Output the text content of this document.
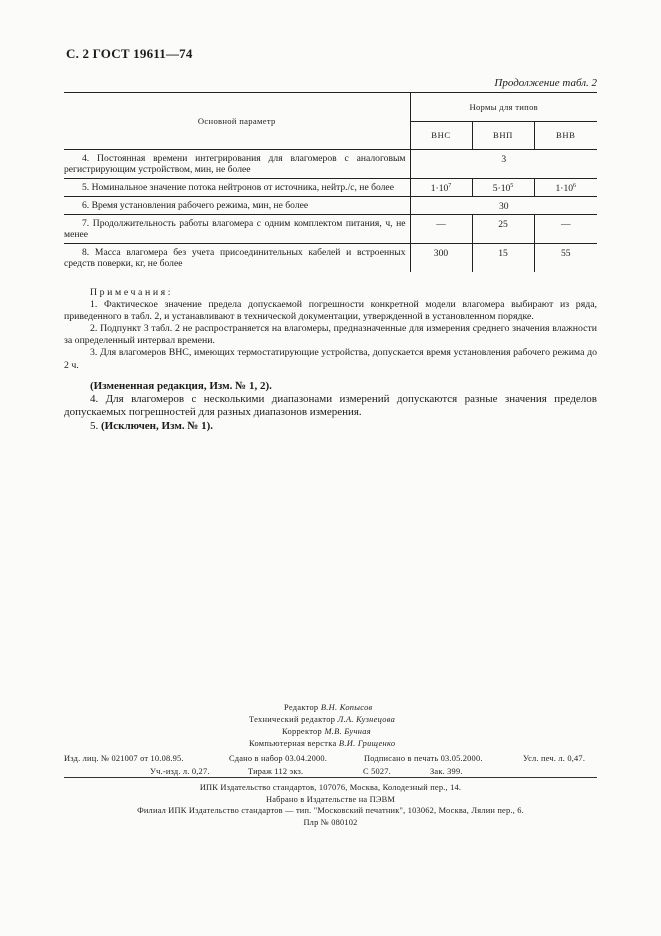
С. 2 ГОСТ 19611—74
Продолжение табл. 2
Основной параметр	Нормы для типов		
	ВНС	ВНП	ВНВ
4. Постоянная времени интегрирования для влагомеров с аналоговым регистрирующим устройством, мин, не более	3		
5. Номинальное значение потока нейтронов от источника, нейтр./с, не более	$1\cdot 10^7$	$5\cdot 10^5$	$1\cdot 10^6$
6. Время установления рабочего режима, мин, не более	30		
7. Продолжительность работы влагомера с одним комплектом питания, ч, не менее	—	25	—
8. Масса влагомера без учета присоединительных кабелей и встроенных средств поверки, кг, не более	300	15	55

Примечания:

1. Фактическое значение предела допускаемой погрешности конкретной модели влагомера выбирают из ряда, приведенного в табл. 2, и устанавливают в технической документации, утвержденной в установленном порядке.

2. Подпункт 3 табл. 2 не распространяется на влагомеры, предназначенные для измерения среднего значения влажности за определенный интервал времени.

3. Для влагомеров ВНС, имеющих термостатирующие устройства, допускается время установления рабочего режима до 2 ч.

(Измененная редакция, Изм. № 1, 2).

4. Для влагомеров с несколькими диапазонами измерений допускаются разные значения пределов допускаемых погрешностей для разных диапазонов измерения.

5. (Исключен, Изм. № 1).

Редактор В.Н. Копысов
Технический редактор Л.А. Кузнецова
Корректор М.В. Бучная
Компьютерная верстка В.И. Грищенко
Изд. лиц. № 021007 от 10.08.95.	Сдано в набор 03.04.2000.	Подписано в печать 03.05.2000.	Усл. печ. л. 0,47.
Уч.-изд. л. 0,27.	Тираж 112 экз.	С 5027.	Зак. 399.
ИПК Издательство стандартов, 107076, Москва, Колодезный пер., 14.
Набрано в Издательстве на ПЭВМ
Филиал ИПК Издательство стандартов — тип. "Московский печатник", 103062, Москва, Лялин пер., 6.
Плр № 080102
